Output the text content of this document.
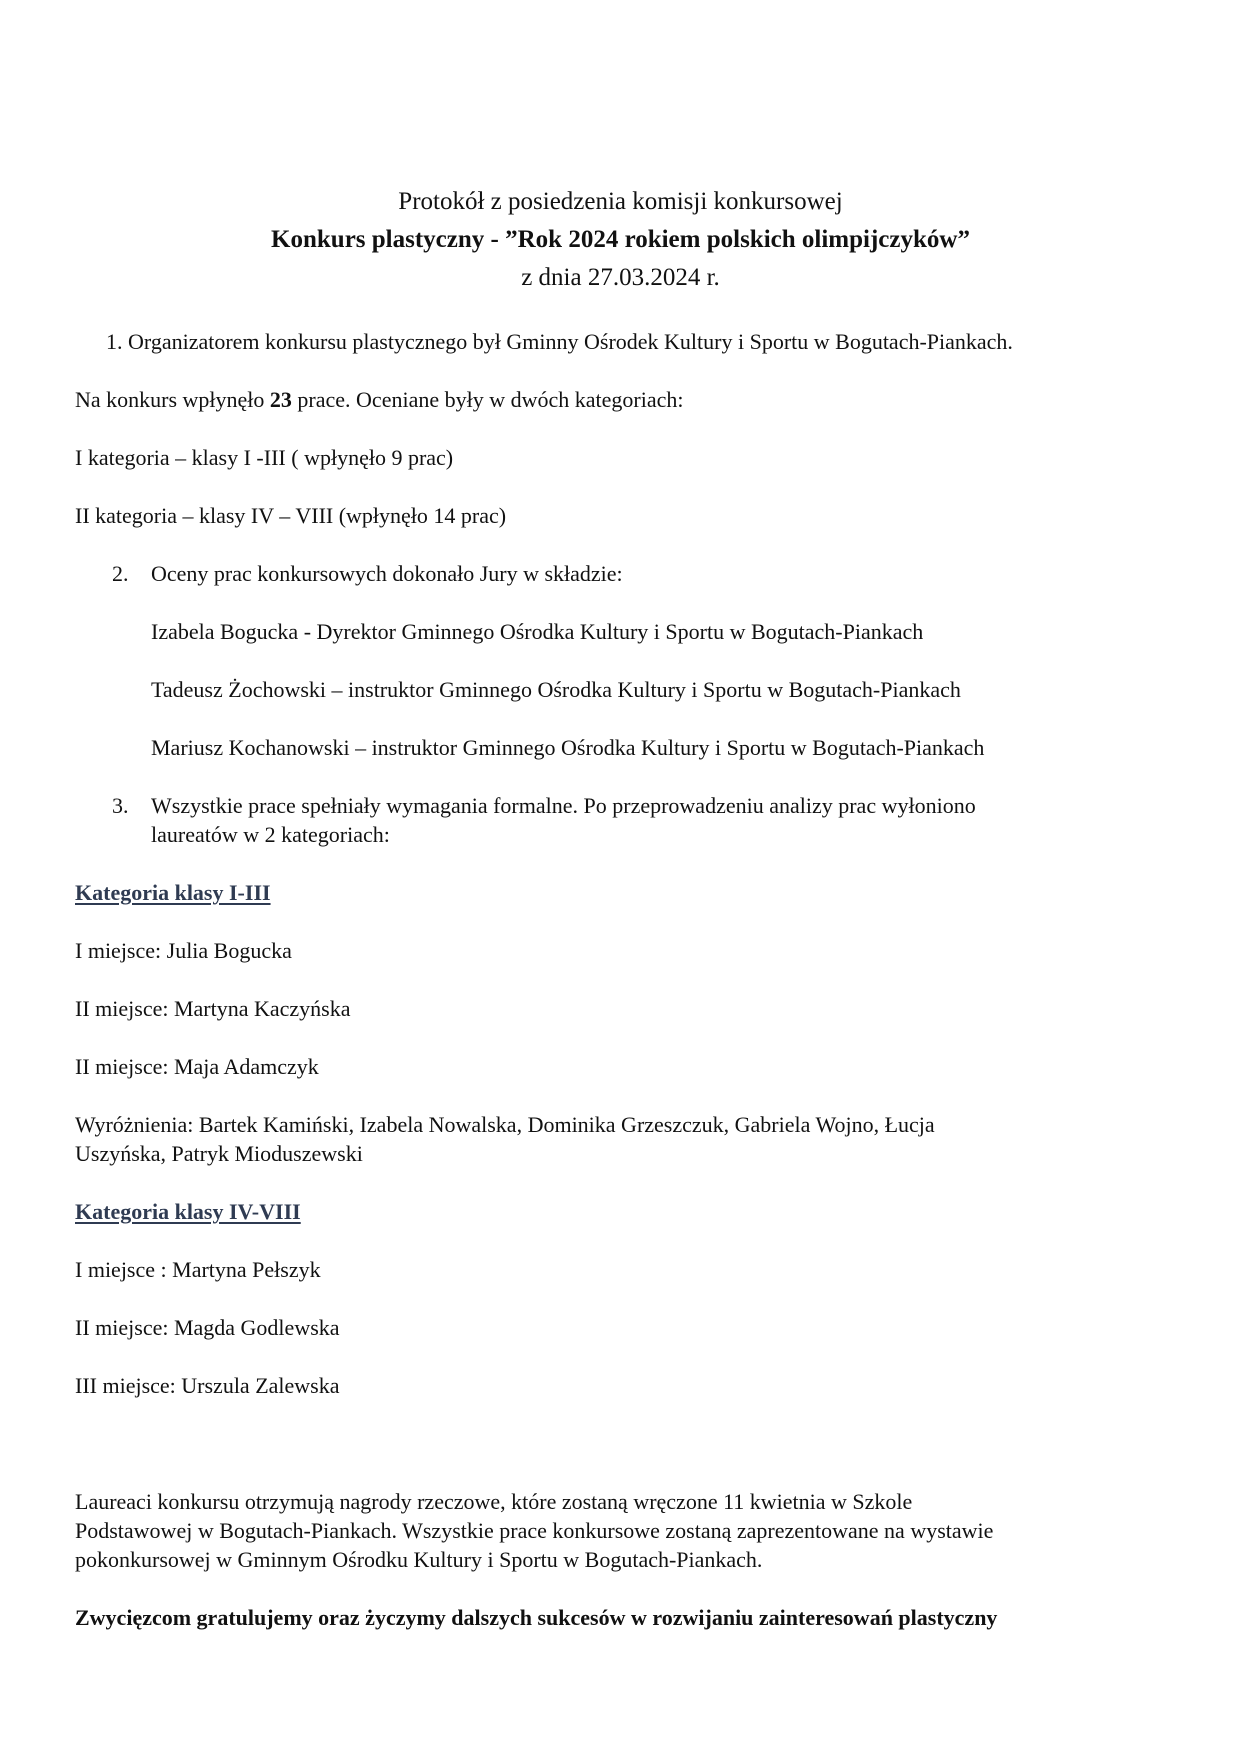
Protokół z posiedzenia komisji konkursowej
Konkurs plastyczny - ”Rok 2024 rokiem polskich olimpijczyków”
z dnia 27.03.2024 r.
1. Organizatorem konkursu plastycznego był Gminny Ośrodek Kultury i Sportu w Bogutach-Piankach.
Na konkurs wpłynęło 23 prace. Oceniane były w dwóch kategoriach:
I kategoria – klasy I -III ( wpłynęło 9 prac)
II kategoria – klasy IV – VIII (wpłynęło 14 prac)
2. Oceny prac konkursowych dokonało Jury w składzie:
Izabela Bogucka - Dyrektor Gminnego Ośrodka Kultury i Sportu w Bogutach-Piankach
Tadeusz Żochowski – instruktor Gminnego Ośrodka Kultury i Sportu w Bogutach-Piankach
Mariusz Kochanowski – instruktor Gminnego Ośrodka Kultury i Sportu w Bogutach-Piankach
3. Wszystkie prace spełniały wymagania formalne. Po przeprowadzeniu analizy prac wyłoniono
laureatów w 2 kategoriach:
Kategoria klasy I-III
I miejsce: Julia Bogucka
II miejsce: Martyna Kaczyńska
II miejsce: Maja Adamczyk
Wyróżnienia: Bartek Kamiński, Izabela Nowalska, Dominika Grzeszczuk, Gabriela Wojno, Łucja
Uszyńska, Patryk Mioduszewski
Kategoria klasy IV-VIII
I miejsce : Martyna Pełszyk
II miejsce: Magda Godlewska
III miejsce: Urszula Zalewska
Laureaci konkursu otrzymują nagrody rzeczowe, które zostaną wręczone 11 kwietnia w Szkole
Podstawowej w Bogutach-Piankach. Wszystkie prace konkursowe zostaną zaprezentowane na wystawie
pokonkursowej w Gminnym Ośrodku Kultury i Sportu w Bogutach-Piankach.
Zwycięzcom gratulujemy oraz życzymy dalszych sukcesów w rozwijaniu zainteresowań plastyczny
